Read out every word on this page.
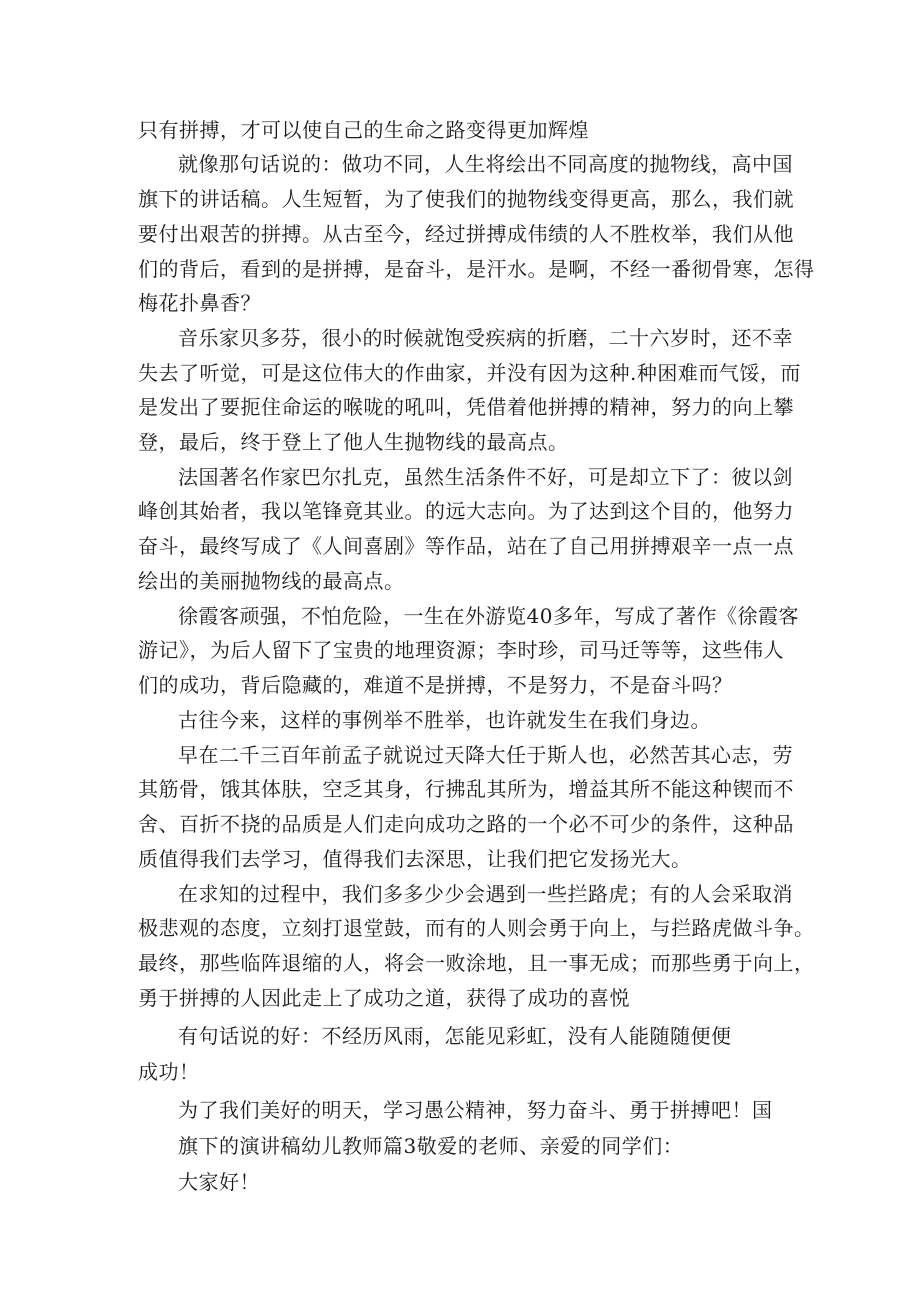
只有拼搏，才可以使自己的生命之路变得更加辉煌
就像那句话说的：做功不同，人生将绘出不同高度的抛物线，高中国
旗下的讲话稿。人生短暂，为了使我们的抛物线变得更高，那么，我们就
要付出艰苦的拼搏。从古至今，经过拼搏成伟绩的人不胜枚举，我们从他
们的背后，看到的是拼搏，是奋斗，是汗水。是啊，不经一番彻骨寒，怎得
梅花扑鼻香？
音乐家贝多芬，很小的时候就饱受疾病的折磨，二十六岁时，还不幸
失去了听觉，可是这位伟大的作曲家，并没有因为这种.种困难而气馁，而
是发出了要扼住命运的喉咙的吼叫，凭借着他拼搏的精神，努力的向上攀
登，最后，终于登上了他人生抛物线的最高点。
法国著名作家巴尔扎克，虽然生活条件不好，可是却立下了：彼以剑
峰创其始者，我以笔锋竟其业。的远大志向。为了达到这个目的，他努力
奋斗，最终写成了《人间喜剧》等作品，站在了自己用拼搏艰辛一点一点
绘出的美丽抛物线的最高点。
徐霞客顽强，不怕危险，一生在外游览40多年，写成了著作《徐霞客
游记》，为后人留下了宝贵的地理资源；李时珍，司马迁等等，这些伟人
们的成功，背后隐藏的，难道不是拼搏，不是努力，不是奋斗吗？
古往今来，这样的事例举不胜举，也许就发生在我们身边。
早在二千三百年前孟子就说过天降大任于斯人也，必然苦其心志，劳
其筋骨，饿其体肤，空乏其身，行拂乱其所为，增益其所不能这种锲而不
舍、百折不挠的品质是人们走向成功之路的一个必不可少的条件，这种品
质值得我们去学习，值得我们去深思，让我们把它发扬光大。
在求知的过程中，我们多多少少会遇到一些拦路虎；有的人会采取消
极悲观的态度，立刻打退堂鼓，而有的人则会勇于向上，与拦路虎做斗争。
最终，那些临阵退缩的人，将会一败涂地，且一事无成；而那些勇于向上，
勇于拼搏的人因此走上了成功之道，获得了成功的喜悦
有句话说的好：不经历风雨，怎能见彩虹，没有人能随随便便
成功！
为了我们美好的明天，学习愚公精神，努力奋斗、勇于拼搏吧！国
旗下的演讲稿幼儿教师篇3敬爱的老师、亲爱的同学们：
大家好！
